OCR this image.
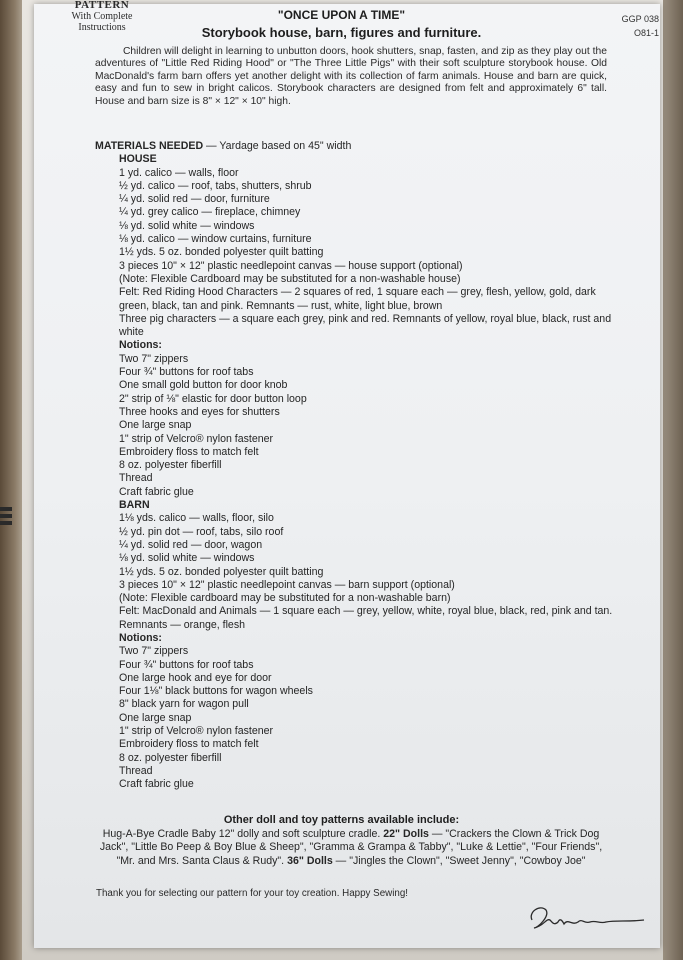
PATTERN
With Complete
Instructions
GGP 038
O81-1
"ONCE UPON A TIME"
Storybook house, barn, figures and furniture.
Children will delight in learning to unbutton doors, hook shutters, snap, fasten, and zip as they play out the adventures of "Little Red Riding Hood" or "The Three Little Pigs" with their soft sculpture storybook house. Old MacDonald's farm barn offers yet another delight with its collection of farm animals. House and barn are quick, easy and fun to sew in bright calicos. Storybook characters are designed from felt and approximately 6" tall. House and barn size is 8" × 12" × 10" high.
MATERIALS NEEDED — Yardage based on 45" width
HOUSE
1 yd. calico — walls, floor
½ yd. calico — roof, tabs, shutters, shrub
¼ yd. solid red — door, furniture
¼ yd. grey calico — fireplace, chimney
⅛ yd. solid white — windows
⅛ yd. calico — window curtains, furniture
1½ yds. 5 oz. bonded polyester quilt batting
3 pieces 10" × 12" plastic needlepoint canvas — house support (optional)
(Note: Flexible Cardboard may be substituted for a non-washable house)
Felt: Red Riding Hood Characters — 2 squares of red, 1 square each — grey, flesh, yellow, gold, dark green, black, tan and pink. Remnants — rust, white, light blue, brown
Three pig characters — a square each grey, pink and red. Remnants of yellow, royal blue, black, rust and white
Notions:
Two 7" zippers
Four ¾" buttons for roof tabs
One small gold button for door knob
2" strip of ⅛" elastic for door button loop
Three hooks and eyes for shutters
One large snap
1" strip of Velcro® nylon fastener
Embroidery floss to match felt
8 oz. polyester fiberfill
Thread
Craft fabric glue
BARN
1⅛ yds. calico — walls, floor, silo
½ yd. pin dot — roof, tabs, silo roof
¼ yd. solid red — door, wagon
⅛ yd. solid white — windows
1½ yds. 5 oz. bonded polyester quilt batting
3 pieces 10" × 12" plastic needlepoint canvas — barn support (optional)
(Note: Flexible cardboard may be substituted for a non-washable barn)
Felt: MacDonald and Animals — 1 square each — grey, yellow, white, royal blue, black, red, pink and tan. Remnants — orange, flesh
Notions:
Two 7" zippers
Four ¾" buttons for roof tabs
One large hook and eye for door
Four 1⅛" black buttons for wagon wheels
8" black yarn for wagon pull
One large snap
1" strip of Velcro® nylon fastener
Embroidery floss to match felt
8 oz. polyester fiberfill
Thread
Craft fabric glue
Other doll and toy patterns available include:
Hug-A-Bye Cradle Baby 12" dolly and soft sculpture cradle. 22" Dolls — "Crackers the Clown & Trick Dog Jack", "Little Bo Peep & Boy Blue & Sheep", "Gramma & Grampa & Tabby", "Luke & Lettie", "Four Friends", "Mr. and Mrs. Santa Claus & Rudy". 36" Dolls — "Jingles the Clown", "Sweet Jenny", "Cowboy Joe"
Thank you for selecting our pattern for your toy creation. Happy Sewing!
